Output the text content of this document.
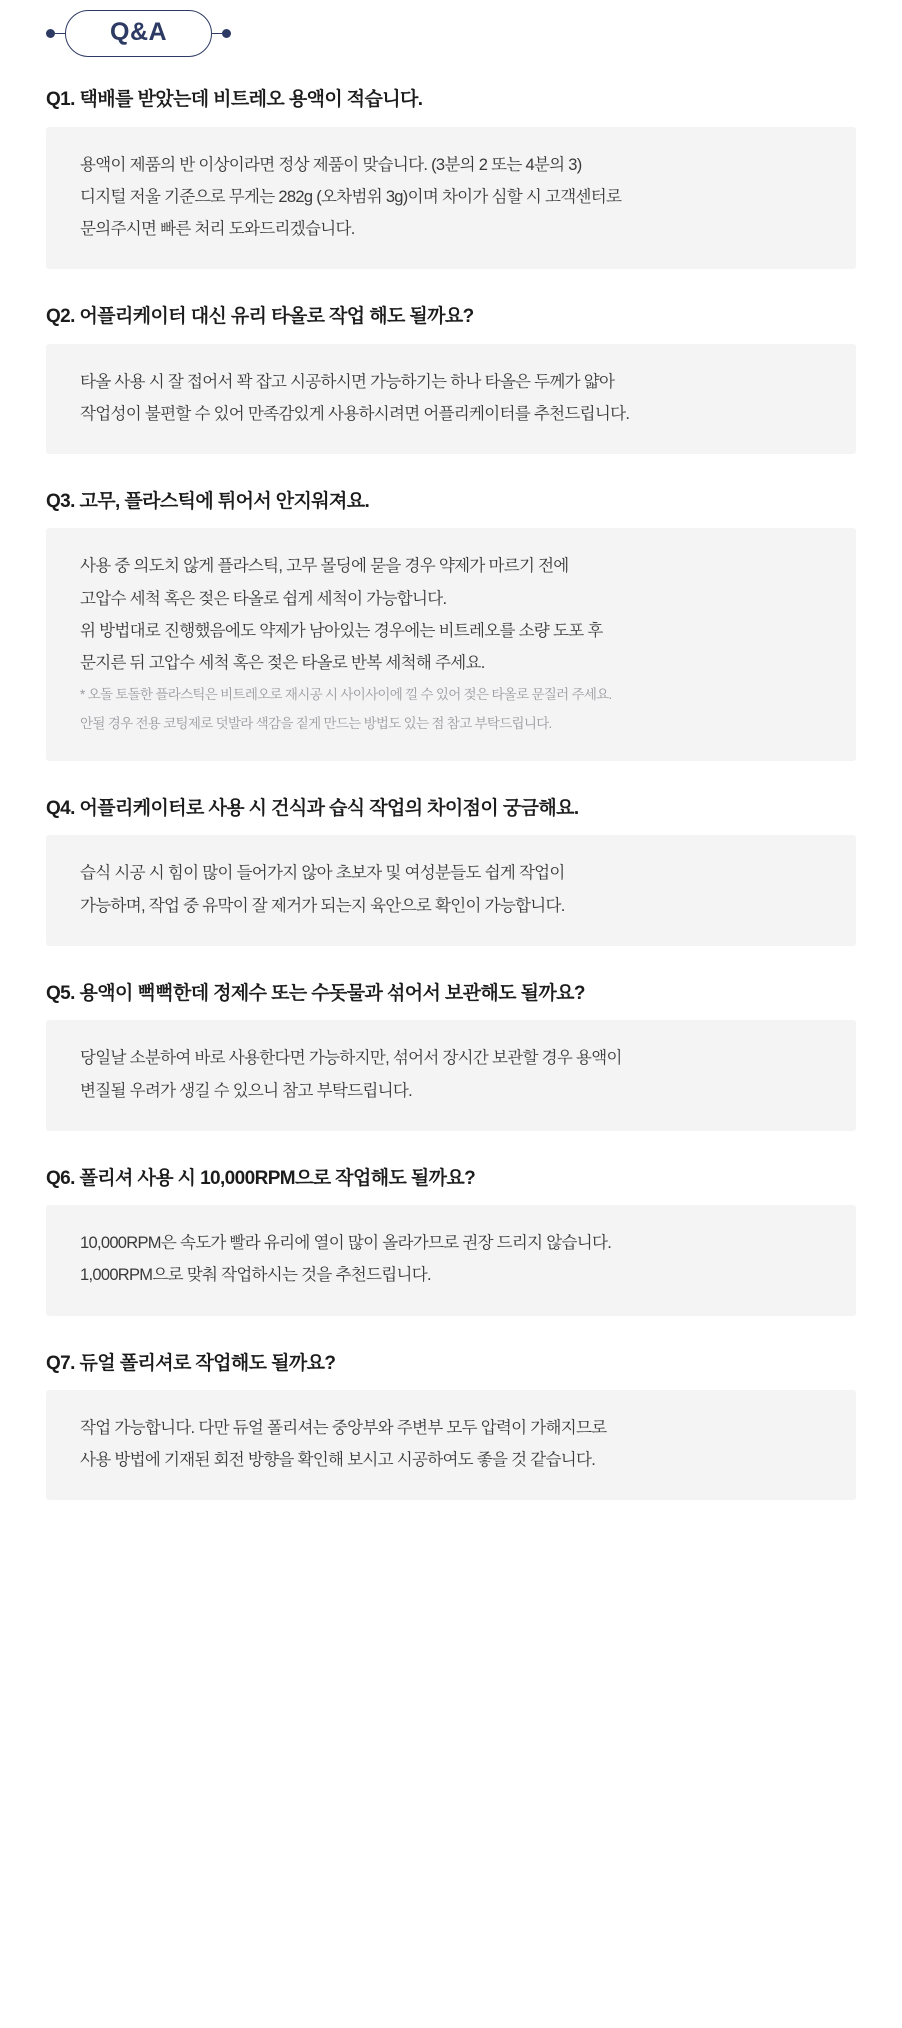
Q&A
Q1. 택배를 받았는데 비트레오 용액이 적습니다.

용액이 제품의 반 이상이라면 정상 제품이 맞습니다. (3분의 2 또는 4분의 3)

디지털 저울 기준으로 무게는 282g (오차범위 3g)이며 차이가 심할 시 고객센터로

문의주시면 빠른 처리 도와드리겠습니다.

Q2. 어플리케이터 대신 유리 타올로 작업 해도 될까요?

타올 사용 시 잘 접어서 꽉 잡고 시공하시면 가능하기는 하나 타올은 두께가 얇아

작업성이 불편할 수 있어 만족감있게 사용하시려면 어플리케이터를 추천드립니다.

Q3. 고무, 플라스틱에 튀어서 안지워져요.

사용 중 의도치 않게 플라스틱, 고무 몰딩에 묻을 경우 약제가 마르기 전에

고압수 세척 혹은 젖은 타올로 쉽게 세척이 가능합니다.

위 방법대로 진행했음에도 약제가 남아있는 경우에는 비트레오를 소량 도포 후

문지른 뒤 고압수 세척 혹은 젖은 타올로 반복 세척해 주세요.

* 오돌 토돌한 플라스틱은 비트레오로 재시공 시 사이사이에 낄 수 있어 젖은 타올로 문질러 주세요.

안될 경우 전용 코팅제로 덧발라 색감을 짙게 만드는 방법도 있는 점 참고 부탁드립니다.

Q4. 어플리케이터로 사용 시 건식과 습식 작업의 차이점이 궁금해요.

습식 시공 시 힘이 많이 들어가지 않아 초보자 및 여성분들도 쉽게 작업이

가능하며, 작업 중 유막이 잘 제거가 되는지 육안으로 확인이 가능합니다.

Q5. 용액이 뻑뻑한데 정제수 또는 수돗물과 섞어서 보관해도 될까요?

당일날 소분하여 바로 사용한다면 가능하지만, 섞어서 장시간 보관할 경우 용액이

변질될 우려가 생길 수 있으니 참고 부탁드립니다.

Q6. 폴리셔 사용 시 10,000RPM으로 작업해도 될까요?

10,000RPM은 속도가 빨라 유리에 열이 많이 올라가므로 권장 드리지 않습니다.

1,000RPM으로 맞춰 작업하시는 것을 추천드립니다.

Q7. 듀얼 폴리셔로 작업해도 될까요?

작업 가능합니다. 다만 듀얼 폴리셔는 중앙부와 주변부 모두 압력이 가해지므로

사용 방법에 기재된 회전 방향을 확인해 보시고 시공하여도 좋을 것 같습니다.
